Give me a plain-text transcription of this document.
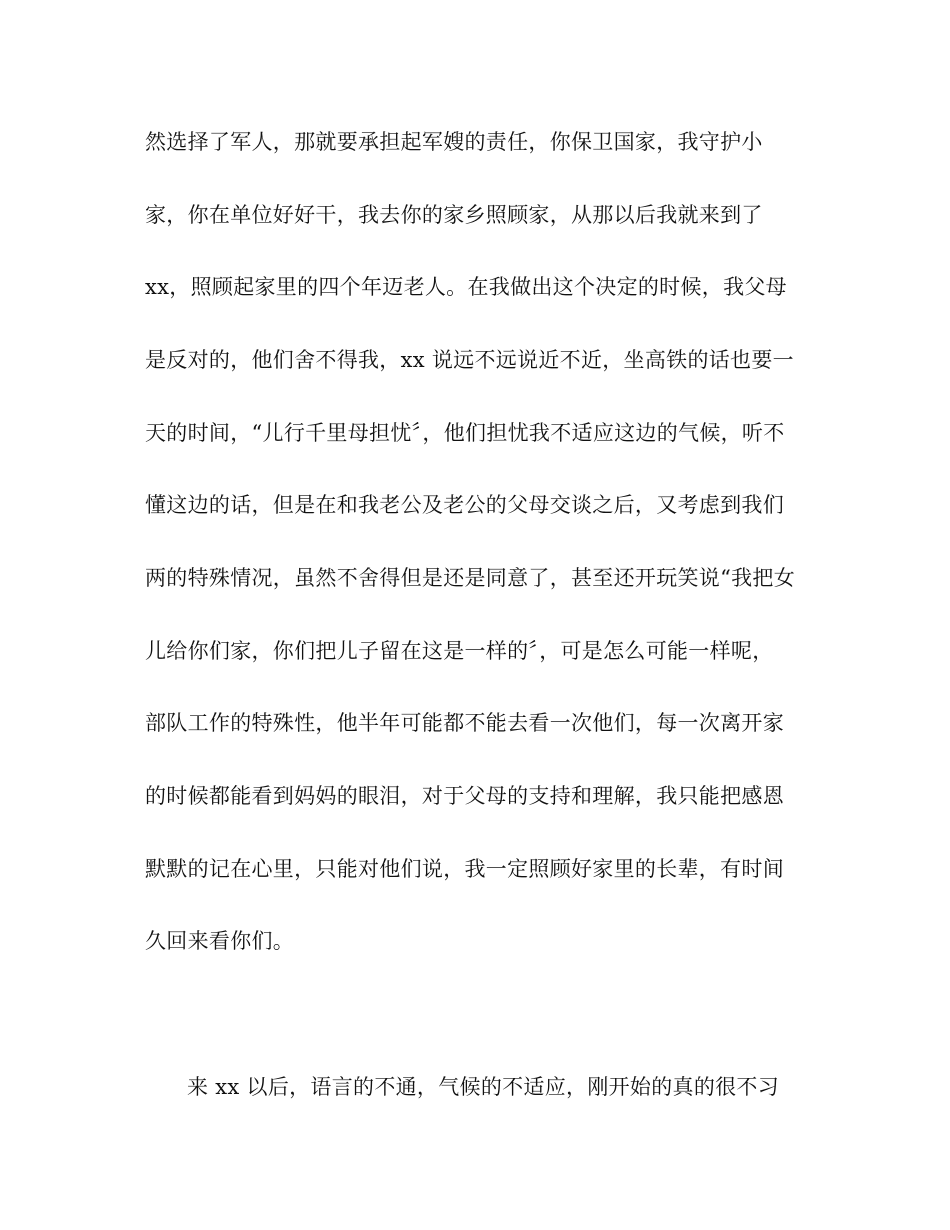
然选择了军人，那就要承担起军嫂的责任，你保卫国家，我守护小
家，你在单位好好干，我去你的家乡照顾家，从那以后我就来到了
xx，照顾起家里的四个年迈老人。在我做出这个决定的时候，我父母
是反对的，他们舍不得我，xx 说远不远说近不近，坐高铁的话也要一
天的时间，“儿行千里母担忧〞，他们担忧我不适应这边的气候，听不
懂这边的话，但是在和我老公及老公的父母交谈之后，又考虑到我们
两的特殊情况，虽然不舍得但是还是同意了，甚至还开玩笑说“我把女
儿给你们家，你们把儿子留在这是一样的〞，可是怎么可能一样呢，
部队工作的特殊性，他半年可能都不能去看一次他们，每一次离开家
的时候都能看到妈妈的眼泪，对于父母的支持和理解，我只能把感恩
默默的记在心里，只能对他们说，我一定照顾好家里的长辈，有时间
久回来看你们。
来 xx 以后，语言的不通，气候的不适应，刚开始的真的很不习
